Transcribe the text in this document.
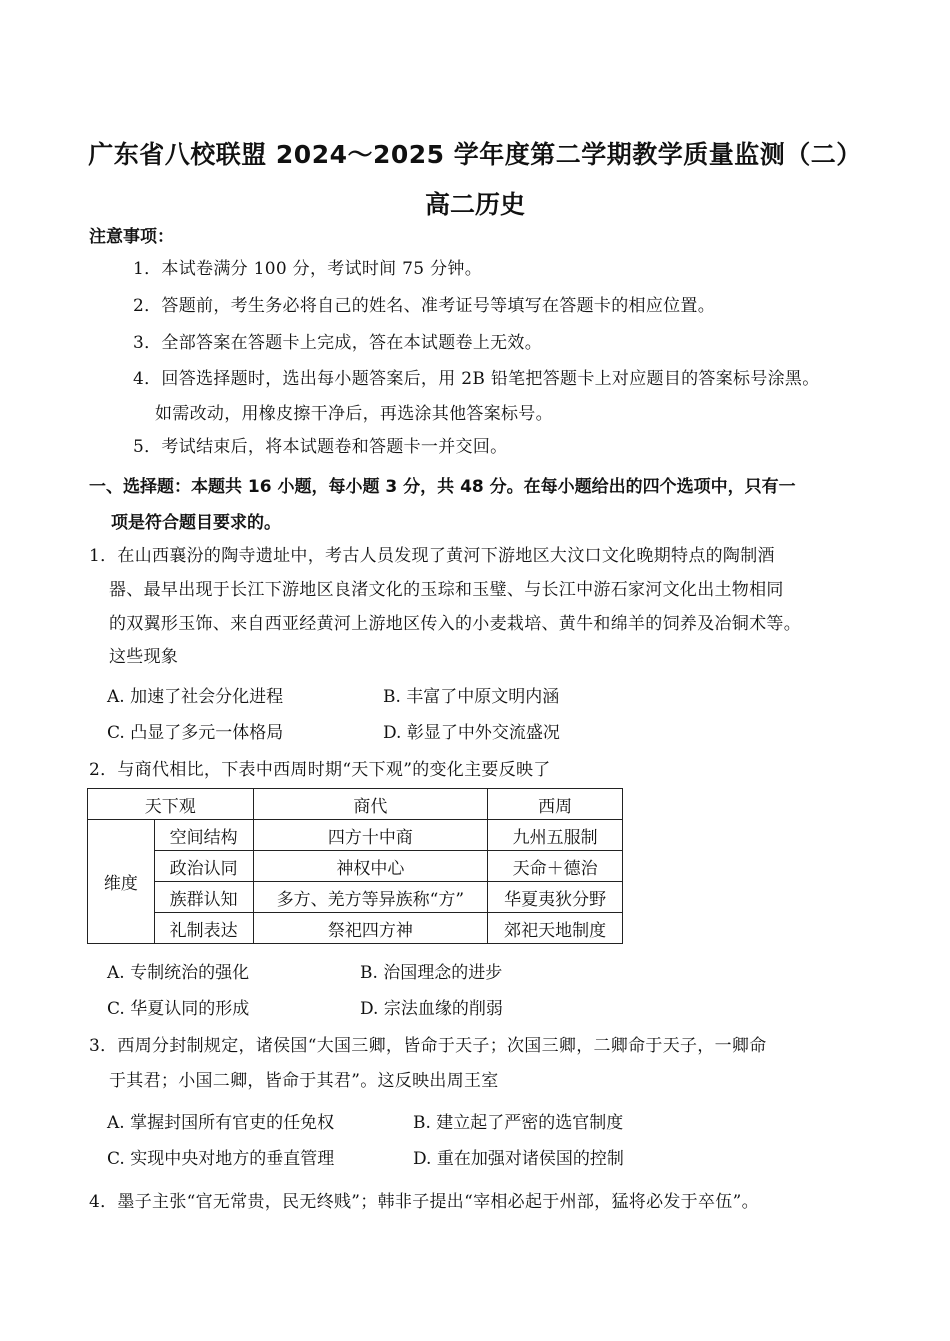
广东省八校联盟 2024～2025 学年度第二学期教学质量监测（二）
高二历史
注意事项：
1．本试卷满分 100 分，考试时间 75 分钟。
2．答题前，考生务必将自己的姓名、准考证号等填写在答题卡的相应位置。
3．全部答案在答题卡上完成，答在本试题卷上无效。
4．回答选择题时，选出每小题答案后，用 2B 铅笔把答题卡上对应题目的答案标号涂黑。
如需改动，用橡皮擦干净后，再选涂其他答案标号。
5．考试结束后，将本试题卷和答题卡一并交回。
一、选择题：本题共 16 小题，每小题 3 分，共 48 分。在每小题给出的四个选项中，只有一
项是符合题目要求的。
1．在山西襄汾的陶寺遗址中，考古人员发现了黄河下游地区大汶口文化晚期特点的陶制酒
器、最早出现于长江下游地区良渚文化的玉琮和玉璧、与长江中游石家河文化出土物相同
的双翼形玉饰、来自西亚经黄河上游地区传入的小麦栽培、黄牛和绵羊的饲养及冶铜术等。
这些现象
A. 加速了社会分化进程	B. 丰富了中原文明内涵
C. 凸显了多元一体格局	D. 彰显了中外交流盛况
2．与商代相比，下表中西周时期“天下观”的变化主要反映了
天下观		商代	西周
维度	空间结构	四方十中商	九州五服制
	政治认同	神权中心	天命＋德治
	族群认知	多方、羌方等异族称“方”	华夏夷狄分野
	礼制表达	祭祀四方神	郊祀天地制度
A. 专制统治的强化	B. 治国理念的进步
C. 华夏认同的形成	D. 宗法血缘的削弱
3．西周分封制规定，诸侯国“大国三卿，皆命于天子；次国三卿，二卿命于天子，一卿命
于其君；小国二卿，皆命于其君”。这反映出周王室
A. 掌握封国所有官吏的任免权	B. 建立起了严密的选官制度
C. 实现中央对地方的垂直管理	D. 重在加强对诸侯国的控制
4．墨子主张“官无常贵，民无终贱”；韩非子提出“宰相必起于州部，猛将必发于卒伍”。
